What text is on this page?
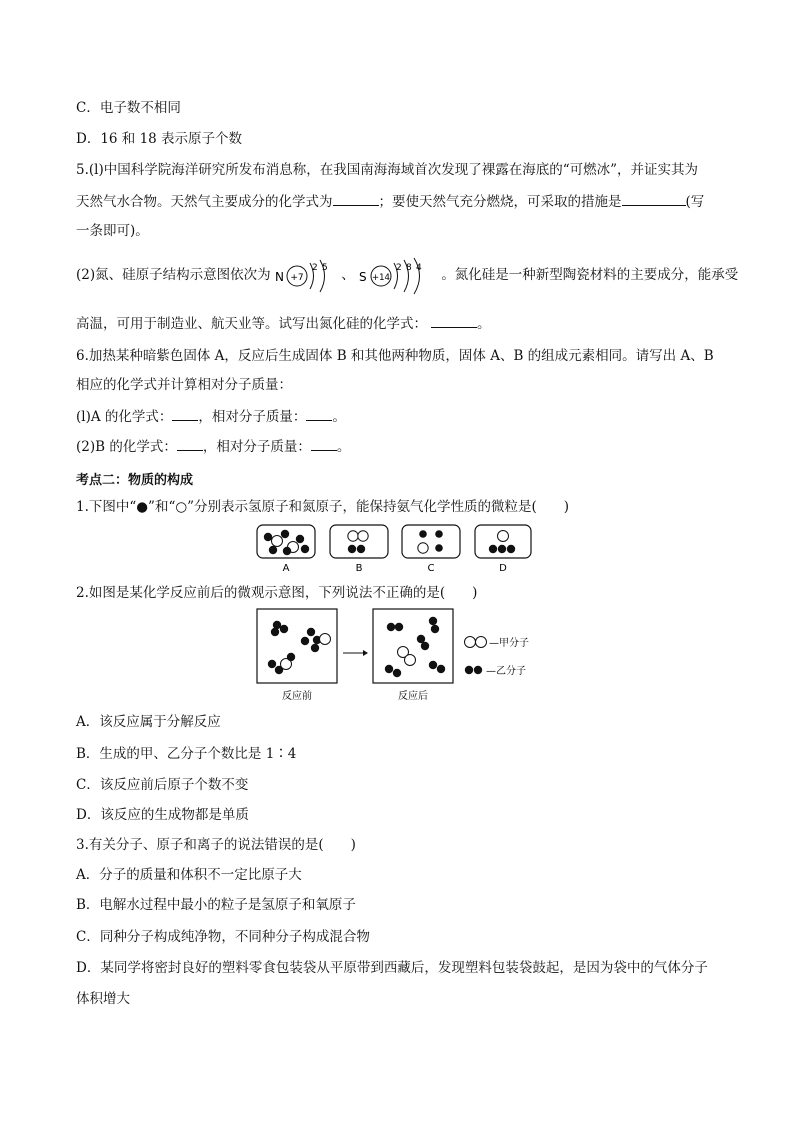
C．电子数不相同
D．16 和 18 表示原子个数
5.(l)中国科学院海洋研究所发布消息称，在我国南海海域首次发现了裸露在海底的“可燃冰”，并证实其为
天然气水合物。天然气主要成分的化学式为	；要使天然气充分燃烧，可采取的措施是	(写
一条即可)。
(2)氮、硅原子结构示意图依次为 N +7
2 5 、 S +14
2 8 4 。氮化硅是一种新型陶瓷材料的主要成分，能承受
高温，可用于制造业、航天业等。试写出氮化硅的化学式：	。
6.加热某种暗紫色固体 A，反应后生成固体 B 和其他两种物质，固体 A、B 的组成元素相同。请写出 A、B
相应的化学式并计算相对分子质量：
(l)A 的化学式： ，相对分子质量： 。
(2)B 的化学式： ，相对分子质量： 。
考点二：物质的构成
1.下图中“●”和“○”分别表示氢原子和氮原子，能保持氨气化学性质的微粒是(　　)
A	B	C	D
2.如图是某化学反应前后的微观示意图，下列说法不正确的是(　　)
—甲分子
—乙分子
反应前	反应后
A．该反应属于分解反应
B．生成的甲、乙分子个数比是 1∶4
C．该反应前后原子个数不变
D．该反应的生成物都是单质
3.有关分子、原子和离子的说法错误的是(　　)
A．分子的质量和体积不一定比原子大
B．电解水过程中最小的粒子是氢原子和氧原子
C．同种分子构成纯净物，不同种分子构成混合物
D．某同学将密封良好的塑料零食包装袋从平原带到西藏后，发现塑料包装袋鼓起，是因为袋中的气体分子
体积增大
